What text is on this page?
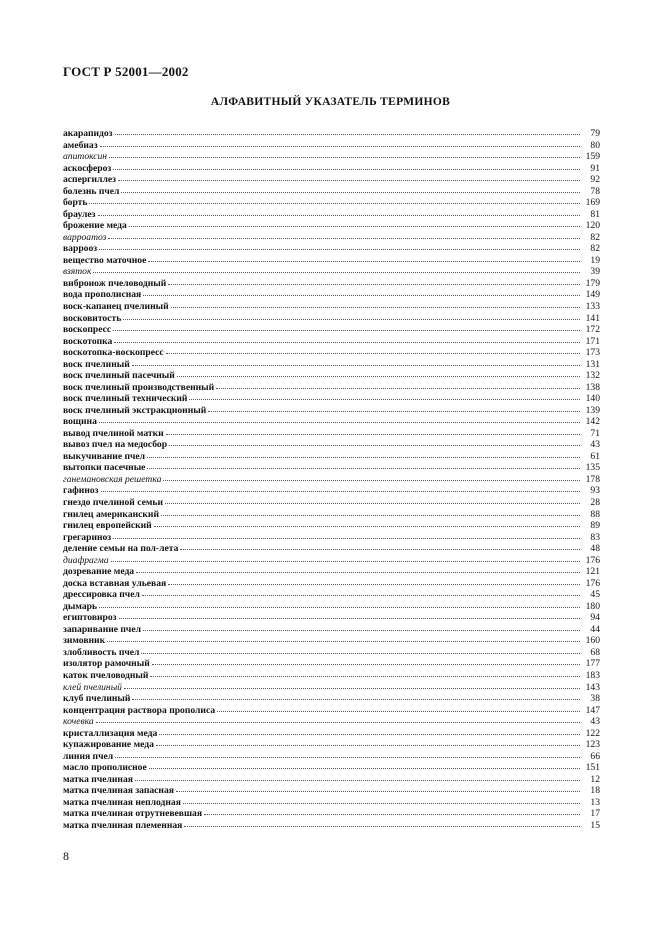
ГОСТ Р 52001—2002
АЛФАВИТНЫЙ УКАЗАТЕЛЬ ТЕРМИНОВ
акарапидоз	79
амебиаз	80
апитоксин	159
аскосфероз	91
аспергиллез	92
болезнь пчел	78
борть	169
браулез	81
брожение меда	120
варроатоз	82
варрооз	82
вещество маточное	19
взяток	39
виброиож пчеловодный	179
вода прополисная	149
воск-капанец пчелиный	133
восковитость	141
воскопресс	172
воскотопка	171
воскотопка-воскопресс	173
воск пчелиный	131
воск пчелиный пасечный	132
воск пчелиный производственный	138
воск пчелиный технический	140
воск пчелиный экстракционный	139
вощина	142
вывод пчелиной матки	71
вывоз пчел на медосбор	43
выкучивание пчел	61
вытопки пасечные	135
ганемановская решетка	178
гафиноз	93
гнездо пчелиной семьи	28
гнилец американский	88
гнилец европейский	89
грегариноз	83
деление семьи на пол-лета	48
диафрагма	176
дозревание меда	121
доска вставная ульевая	176
дрессировка пчел	45
дымарь	180
египтовироз	94
запаривание пчел	44
зимовник	160
злобливость пчел	68
изолятор рамочный	177
каток пчеловодный	183
клей пчелиный	143
клуб пчелиный	38
концентрация раствора прополиса	147
кочевка	43
кристаллизация меда	122
купажирование меда	123
линия пчел	66
масло прополисное	151
матка пчелиная	12
матка пчелиная запасная	18
матка пчелиная неплодная	13
матка пчелиная отрутневевшая	17
матка пчелиная племенная	15
8
